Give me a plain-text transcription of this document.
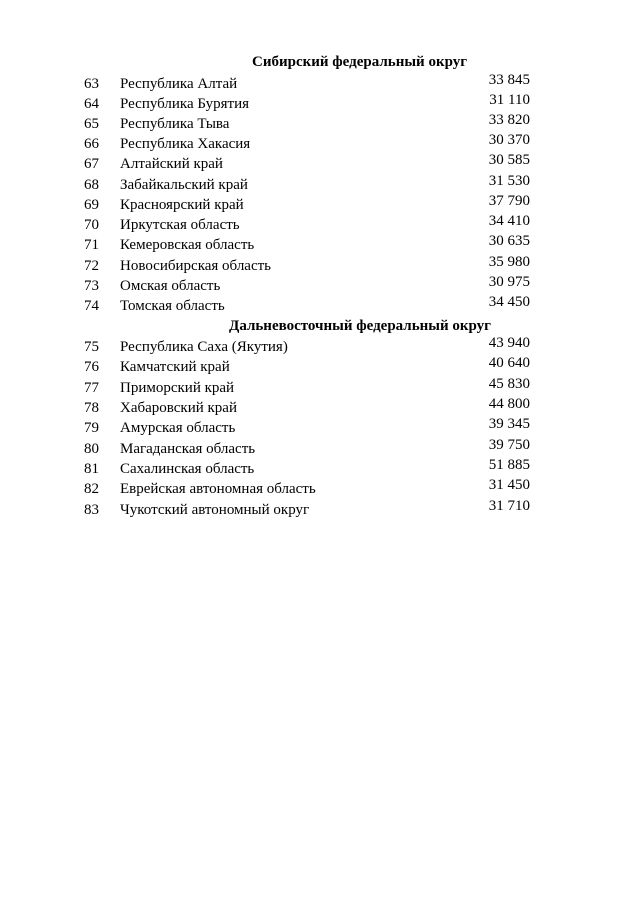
Сибирский федеральный округ
63	Республика Алтай	33 845
64	Республика Бурятия	31 110
65	Республика Тыва	33 820
66	Республика Хакасия	30 370
67	Алтайский край	30 585
68	Забайкальский край	31 530
69	Красноярский край	37 790
70	Иркутская область	34 410
71	Кемеровская область	30 635
72	Новосибирская область	35 980
73	Омская область	30 975
74	Томская область	34 450
Дальневосточный федеральный округ
75	Республика Саха (Якутия)	43 940
76	Камчатский край	40 640
77	Приморский край	45 830
78	Хабаровский край	44 800
79	Амурская область	39 345
80	Магаданская область	39 750
81	Сахалинская область	51 885
82	Еврейская автономная область	31 450
83	Чукотский автономный округ	31 710
